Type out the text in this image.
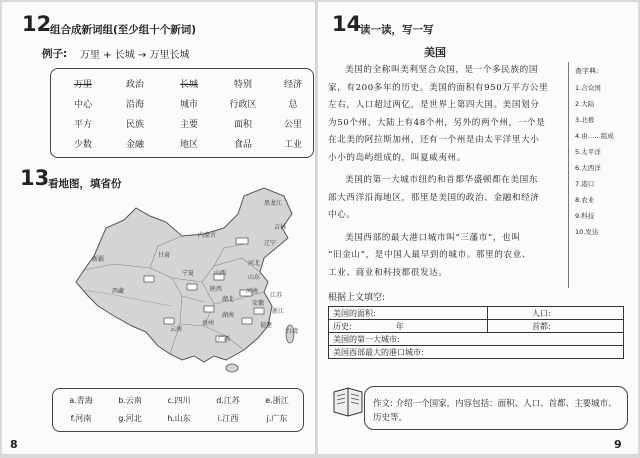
12
组合成新词组(至少组十个新词)
例子: 万里 + 长城 → 万里长城
万里	政治	长城	特别	经济
中心	沿海	城市	行政区	总
平方	民族	主要	面积	公里
少数	金融	地区	食品	工业
13
看地图，填省份
黑龙江
吉林
内蒙古
辽宁
新疆
甘肃
宁夏	山西
河北
山东
西藏	陕西
湖北
河南
安徽
江苏
浙江
湖南
贵州	福建
云南
广西
台湾
a.青海	b.云南	c.四川	d.江苏	e.浙江
f.河南	g.河北	h.山东	i.江西	j.广东
8
14
读一读，写一写
美国
美国的全称叫美利坚合众国，是一个多民族的国
家，有200多年的历史。美国的面积有950万平方公里
左右，人口超过两亿，是世界上第四大国。美国划分
为50个州，大陆上有48个州，另外的两个州，一个是
在北美的阿拉斯加州，还有一个州是由太平洋里大小
小小的岛屿组成的，叫夏威夷州。
美国的第一大城市纽约和首都华盛顿都在美国东
部大西洋沿海地区，那里是美国的政治、金融和经济
中心。
美国西部的最大港口城市叫“三藩市”，也叫
“旧金山”，是中国人最早到的城市。那里的农业、
工业、商业和科技都很发达。
查字典:
1.合众国
2.大陆
3.北极
4.由……组成
5.太平洋
6.大西洋
7.港口
8.农业
9.科技
10.发达
根据上文填空:
美国的面积:	人口:
历史: 年	首都:
美国的第一大城市:	
美国西部最大的港口城市:	
作文: 介绍一个国家，内容包括：面积、人口、首都、主要城市、历史等。
9
